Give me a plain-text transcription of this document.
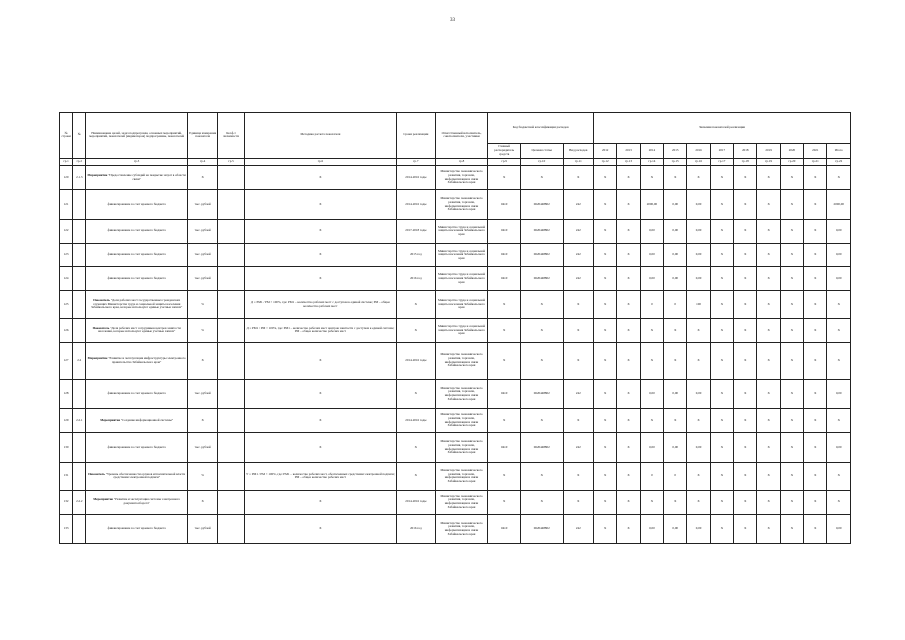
33
№ строки	№	Наименование целей, задач подпрограмм, основных мероприятий, мероприятий, показателей (индикаторов) подпрограммы, показателей	Единица измерения показателя	Коэф-т значимости	Методика расчета показателя	Сроки реализации	Ответственный исполнитель, соисполнители, участники	Код бюджетной классификации расходов			Значения показателей реализации										
								Главный распорядитель средств	Целевая статья	Вид расходов	2012	2013	2014	2015	2016	2017	2018	2019	2020	2021	Итого
гр.1	гр.2	гр.3	гр.4	гр.5	гр.6	гр.7	гр.8	гр.9	гр.10	гр.11	гр.12	гр.13	гр.14	гр.15	гр.16	гр.17	гр.18	гр.19	гр.20	гр.21	гр.22
120	2.1.3	Мероприятие "Предоставление субсидий на покрытие затрат в области связи"	Х		Х	2014-2016 годы	Министерство экономического развития, торговли, информатизации и связи Забайкальского края	Х	Х	Х	Х	Х	Х	Х	Х	Х	Х	Х	Х	Х	Х
121		финансирование за счет краевого бюджета	тыс. рублей		Х	2014-2016 годы	Министерство экономического развития, торговли, информатизации и связи Забайкальского края	0410	0620448802	242	Х	Х	2000,00	0,00	0,00	Х	Х	Х	Х	Х	2000,00
122		финансирование за счет краевого бюджета	тыс. рублей		Х	2017-2018 годы	Министерство труда и социальной защиты населения Забайкальского края	0410	0620448802	242	Х	Х	0,00	0,00	0,00	Х	Х	Х	Х	Х	0,00
123		финансирование за счет краевого бюджета	тыс. рублей		Х	2015 год	Министерство труда и социальной защиты населения Забайкальского края	0410	0620448802	242	Х	Х	0,00	0,00	0,00	Х	Х	Х	Х	Х	0,00
124		финансирование за счет краевого бюджета	тыс. рублей		Х	2016 год	Министерство труда и социальной защиты населения Забайкальского края	0410	0620448802	242	Х	Х	0,00	0,00	0,00	Х	Х	Х	Х	Х	0,00
125		Показатель "Доля рабочих мест государственных гражданских служащих Министерства труда и социальной защиты населения Забайкальского края, которые используют единые учетные записи"	%		Д = РМ1 / РМ × 100%, где: РМ1 – количество рабочих мест с доступом к единой системе; РМ – общее количество рабочих мест	Х	Министерство труда и социальной защиты населения Забайкальского края	Х	Х	Х	Х	Х	0	0	100	Х	Х	Х	Х	Х	Х
126		Показатель "Доля рабочих мест сотрудников центров занятости населения, которые используют единые учетные записи"	%		Д = РМ1 / РМ × 100%, где: РМ1 – количество рабочих мест центров занятости с доступом к единой системе; РМ – общее количество рабочих мест	Х	Министерство труда и социальной защиты населения Забайкальского края	Х	Х	Х	Х	Х	Х	Х	Х	Х	Х	Х	Х	Х	Х
127	2.2	Мероприятие "Развитие и эксплуатация инфраструктуры электронного правительства Забайкальского края"	Х		Х	2014-2016 годы	Министерство экономического развития, торговли, информатизации и связи Забайкальского края	Х	Х	Х	Х	Х	Х	Х	Х	Х	Х	Х	Х	Х	Х
128		финансирование за счет краевого бюджета	тыс. рублей		Х	Х	Министерство экономического развития, торговли, информатизации и связи Забайкальского края	0410	0620448802	242	Х	Х	0,00	0,00	0,00	Х	Х	Х	Х	Х	0,00
129	2.2.1	Мероприятие "Создание информационной системы"	Х		Х	2014-2016 годы	Министерство экономического развития, торговли, информатизации и связи Забайкальского края	Х	Х	Х	Х	Х	Х	Х	Х	Х	Х	Х	Х	Х	Х
130		финансирование за счет краевого бюджета	тыс. рублей		Х	Х	Министерство экономического развития, торговли, информатизации и связи Забайкальского края	0410	0620448802	242	Х	Х	0,00	0,00	0,00	Х	Х	Х	Х	Х	0,00
131		Показатель "Уровень обеспеченности органов исполнительной власти средствами электронной подписи"	%		У = РМ1 / РМ × 100%, где: РМ1 – количество рабочих мест, обеспеченных средствами электронной подписи; РМ – общее количество рабочих мест	Х	Министерство экономического развития, торговли, информатизации и связи Забайкальского края	Х	Х	Х	Х	Х	0	0	Х	Х	Х	Х	Х	Х	Х
132	2.2.2	Мероприятие "Развитие и эксплуатация системы электронного документооборота"	Х		Х	2014-2016 годы	Министерство экономического развития, торговли, информатизации и связи Забайкальского края	Х	Х	Х	Х	Х	Х	Х	Х	Х	Х	Х	Х	Х	Х
133		финансирование за счет краевого бюджета	тыс. рублей		Х	2016 год	Министерство экономического развития, торговли, информатизации и связи Забайкальского края	0410	0620448802	242	Х	Х	0,00	0,00	0,00	Х	Х	Х	Х	Х	0,00
